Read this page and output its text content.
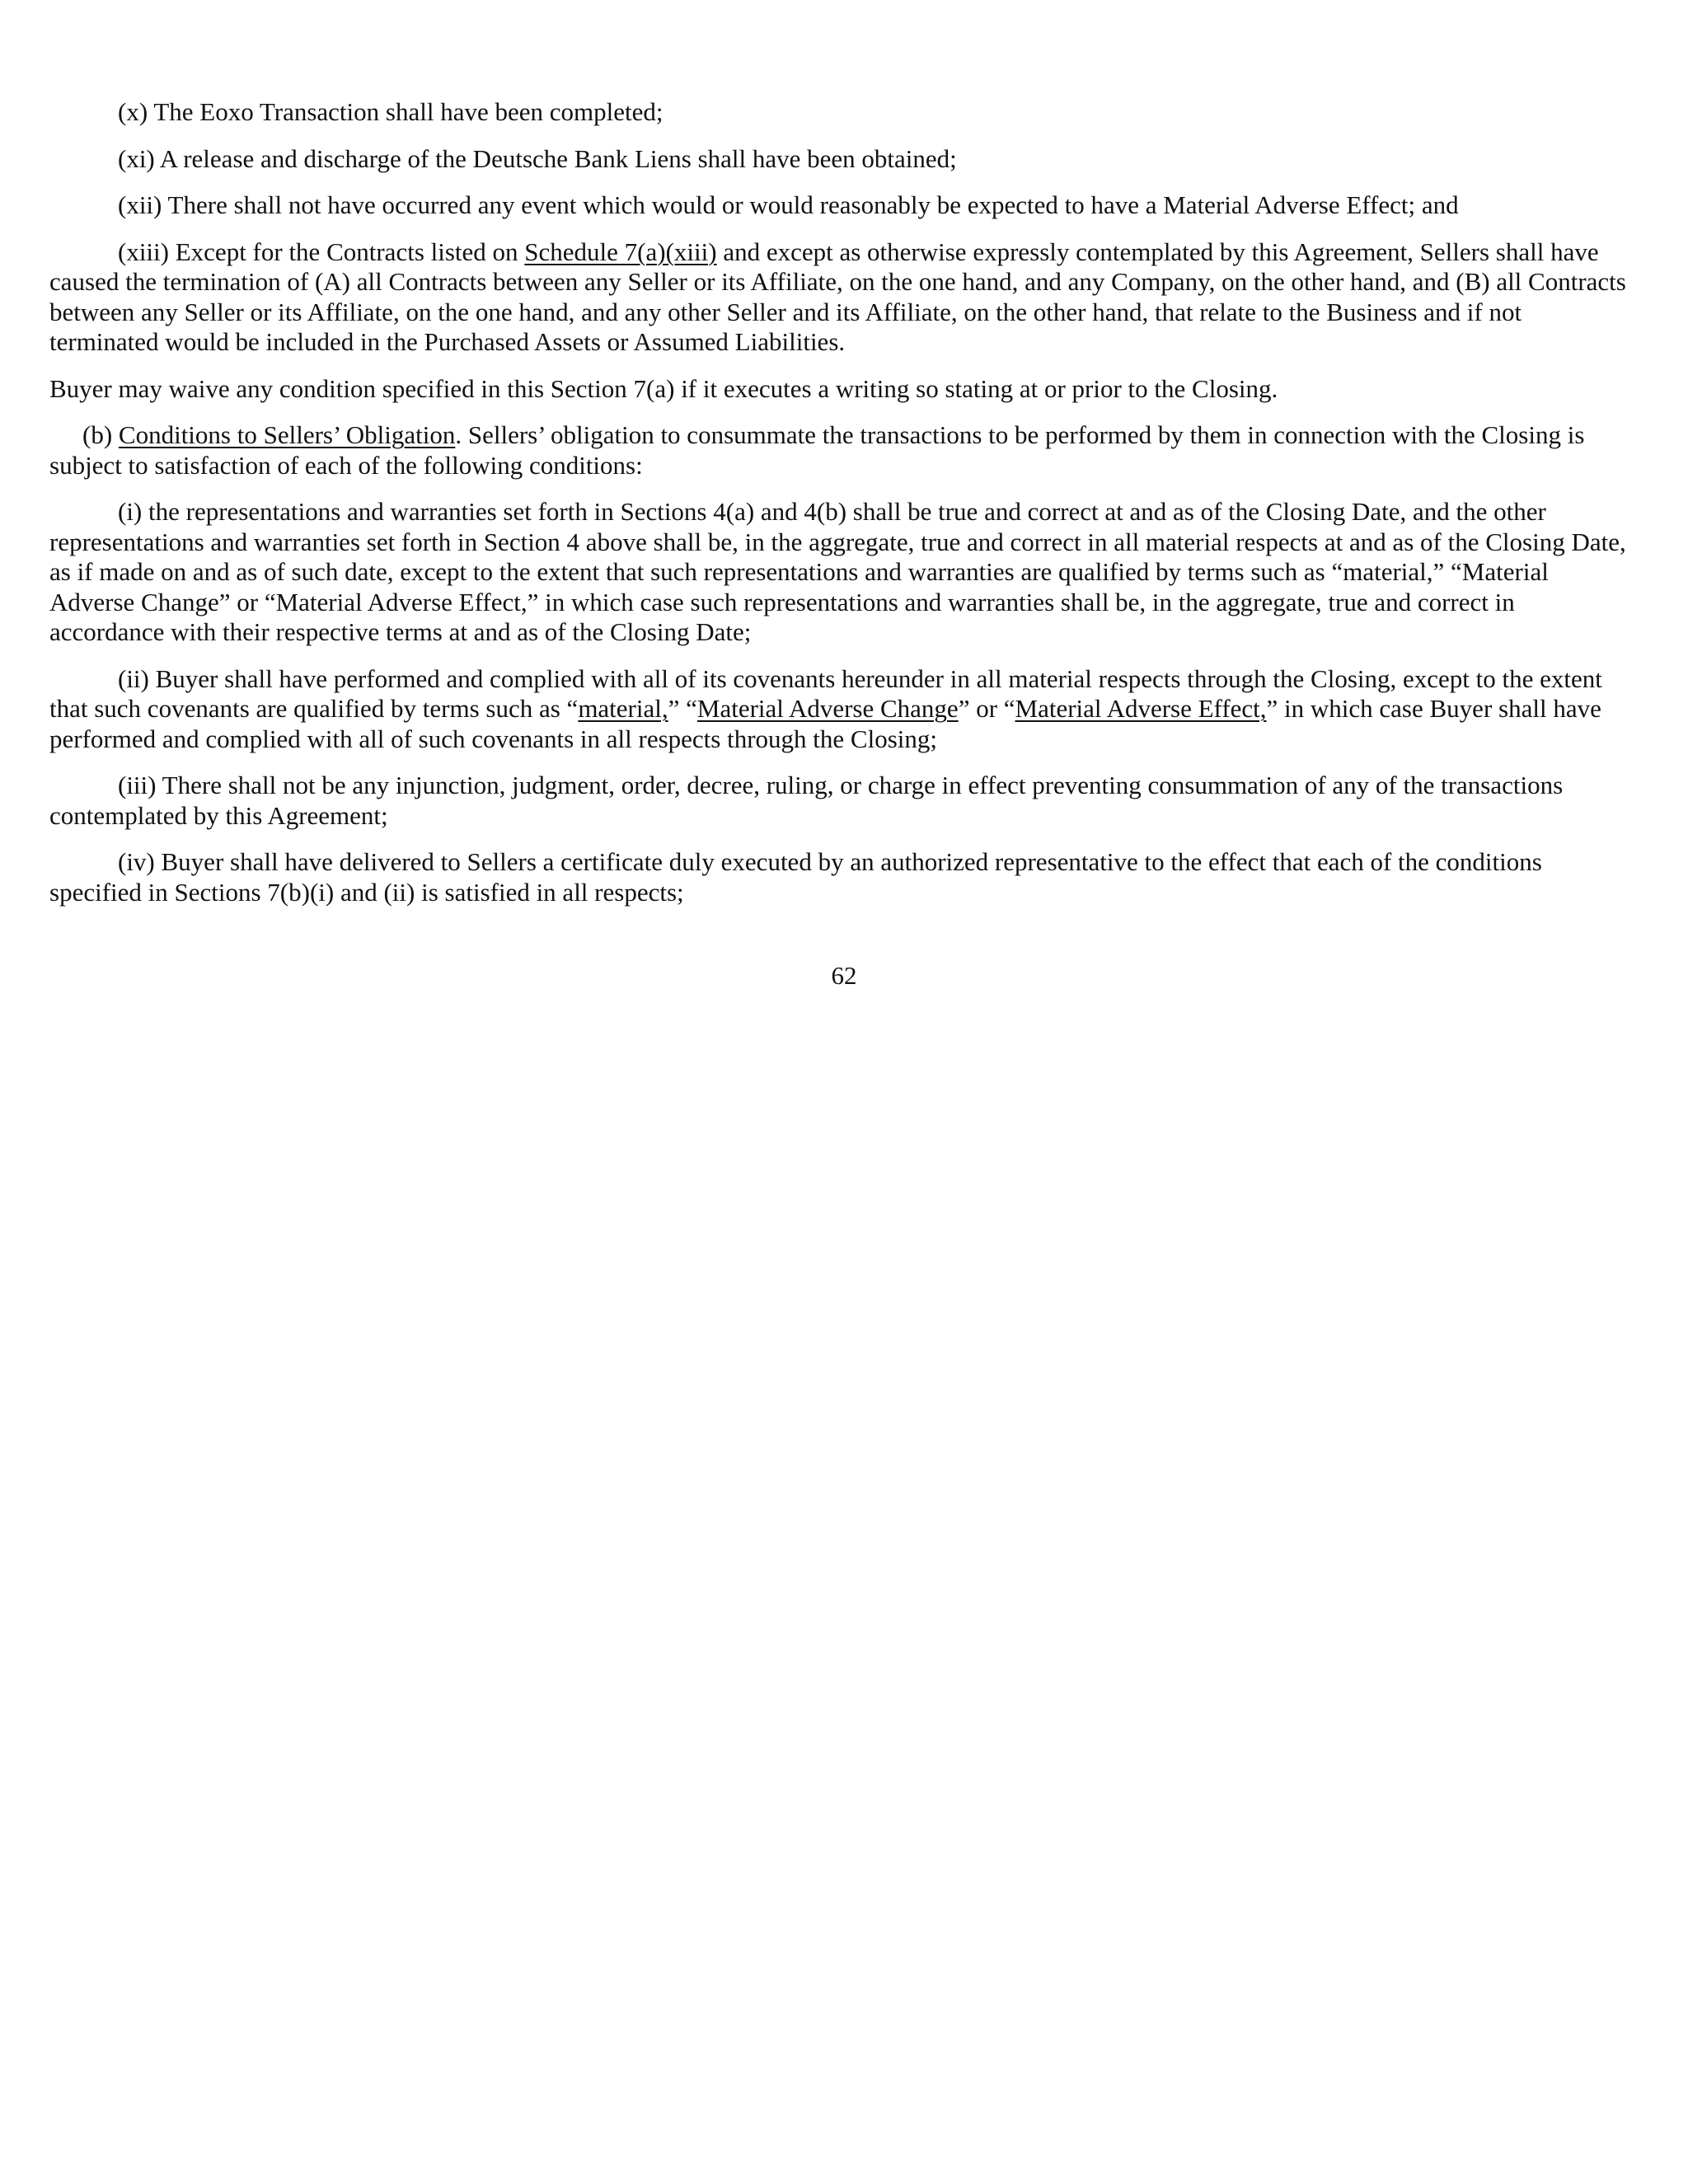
(x) The Eoxo Transaction shall have been completed;

(xi) A release and discharge of the Deutsche Bank Liens shall have been obtained;

(xii) There shall not have occurred any event which would or would reasonably be expected to have a Material Adverse Effect; and

(xiii) Except for the Contracts listed on Schedule 7(a)(xiii) and except as otherwise expressly contemplated by this Agreement, Sellers shall have caused the termination of (A) all Contracts between any Seller or its Affiliate, on the one hand, and any Company, on the other hand, and (B) all Contracts between any Seller or its Affiliate, on the one hand, and any other Seller and its Affiliate, on the other hand, that relate to the Business and if not terminated would be included in the Purchased Assets or Assumed Liabilities.

Buyer may waive any condition specified in this Section 7(a) if it executes a writing so stating at or prior to the Closing.

(b) Conditions to Sellers’ Obligation. Sellers’ obligation to consummate the transactions to be performed by them in connection with the Closing is subject to satisfaction of each of the following conditions:

(i) the representations and warranties set forth in Sections 4(a) and 4(b) shall be true and correct at and as of the Closing Date, and the other representations and warranties set forth in Section 4 above shall be, in the aggregate, true and correct in all material respects at and as of the Closing Date, as if made on and as of such date, except to the extent that such representations and warranties are qualified by terms such as “material,” “Material Adverse Change” or “Material Adverse Effect,” in which case such representations and warranties shall be, in the aggregate, true and correct in accordance with their respective terms at and as of the Closing Date;

(ii) Buyer shall have performed and complied with all of its covenants hereunder in all material respects through the Closing, except to the extent that such covenants are qualified by terms such as “material,” “Material Adverse Change” or “Material Adverse Effect,” in which case Buyer shall have performed and complied with all of such covenants in all respects through the Closing;

(iii) There shall not be any injunction, judgment, order, decree, ruling, or charge in effect preventing consummation of any of the transactions contemplated by this Agreement;

(iv) Buyer shall have delivered to Sellers a certificate duly executed by an authorized representative to the effect that each of the conditions specified in Sections 7(b)(i) and (ii) is satisfied in all respects;

62
